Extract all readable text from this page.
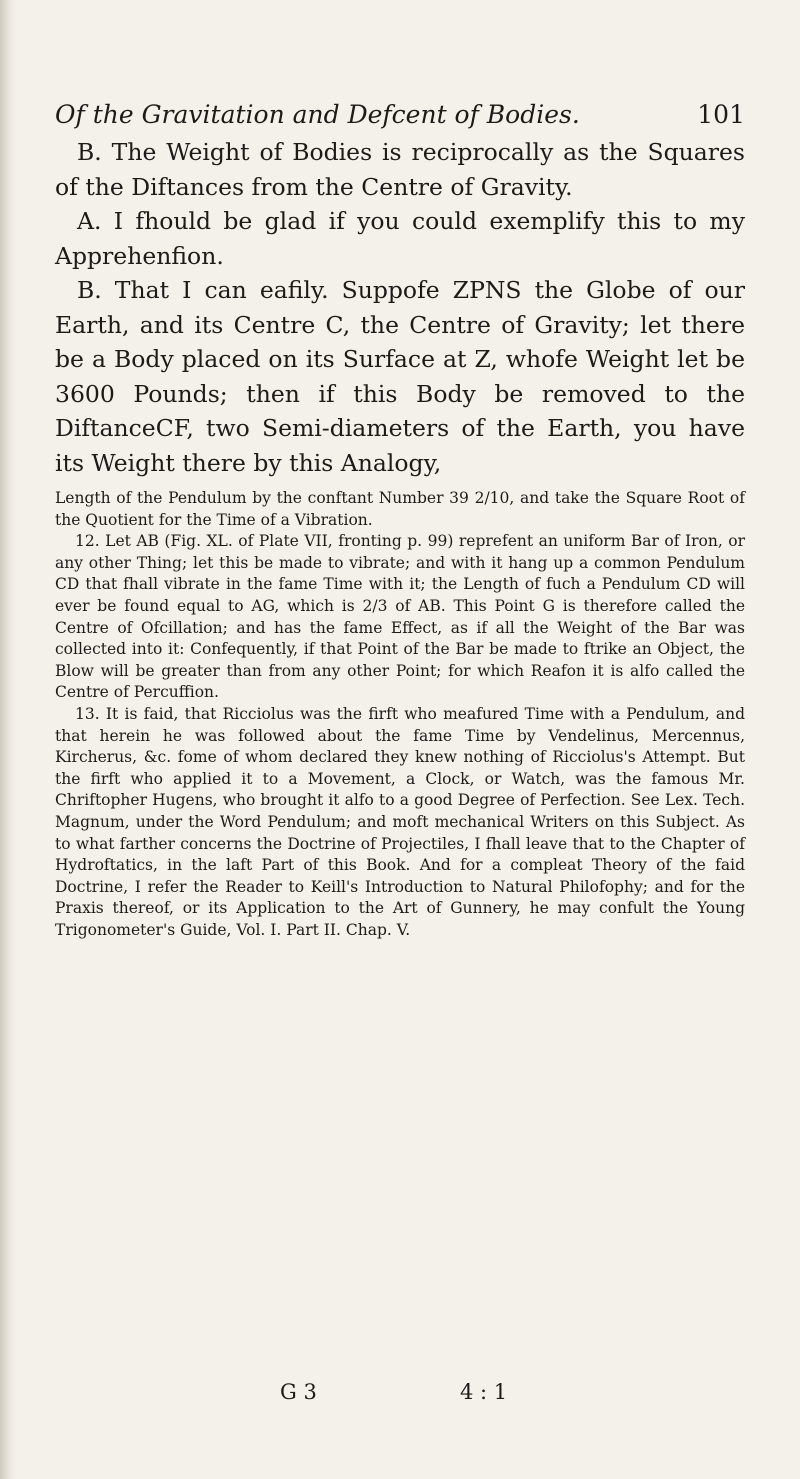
Of the Gravitation and Defcent of Bodies.	101

B. The Weight of Bodies is reciprocally as the Squares of the Diftances from the Centre of Gravity.

A. I fhould be glad if you could exemplify this to my Apprehenfion.

B. That I can eafily. Suppofe ZPNS the Globe of our Earth, and its Centre C, the Centre of Gravity; let there be a Body placed on its Surface at Z, whofe Weight let be 3600 Pounds; then if this Body be removed to the DiftanceCF, two Semi-diameters of the Earth, you have its Weight there by this Analogy,

Length of the Pendulum by the conftant Number 39 2/10, and take the Square Root of the Quotient for the Time of a Vibration.

12. Let AB (Fig. XL. of Plate VII, fronting p. 99) reprefent an uniform Bar of Iron, or any other Thing; let this be made to vibrate; and with it hang up a common Pendulum CD that fhall vibrate in the fame Time with it; the Length of fuch a Pendulum CD will ever be found equal to AG, which is 2/3 of AB. This Point G is therefore called the Centre of Ofcillation; and has the fame Effect, as if all the Weight of the Bar was collected into it: Confequently, if that Point of the Bar be made to ftrike an Object, the Blow will be greater than from any other Point; for which Reafon it is alfo called the Centre of Percuffion.

13. It is faid, that Ricciolus was the firft who meafured Time with a Pendulum, and that herein he was followed about the fame Time by Vendelinus, Mercennus, Kircherus, &c. fome of whom declared they knew nothing of Ricciolus's Attempt. But the firft who applied it to a Movement, a Clock, or Watch, was the famous Mr. Chriftopher Hugens, who brought it alfo to a good Degree of Perfection. See Lex. Tech. Magnum, under the Word Pendulum; and moft mechanical Writers on this Subject. As to what farther concerns the Doctrine of Projectiles, I fhall leave that to the Chapter of Hydroftatics, in the laft Part of this Book. And for a compleat Theory of the faid Doctrine, I refer the Reader to Keill's Introduction to Natural Philofophy; and for the Praxis thereof, or its Application to the Art of Gunnery, he may confult the Young Trigonometer's Guide, Vol. I. Part II. Chap. V.

G 3	4 : 1
